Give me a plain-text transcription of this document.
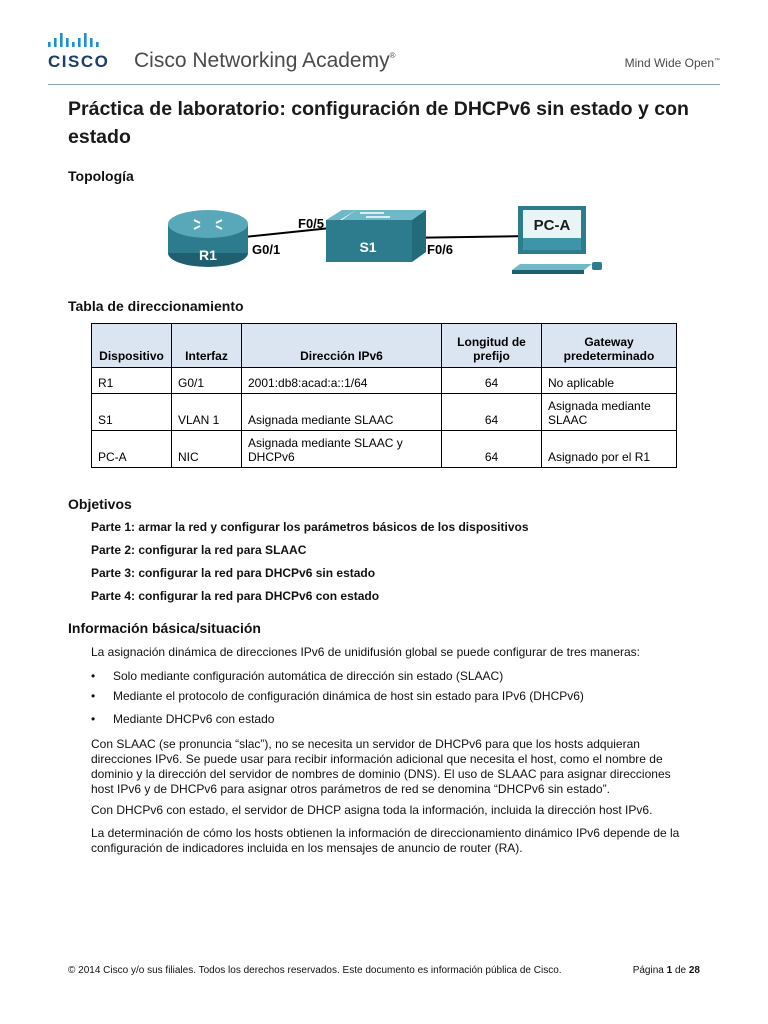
CISCO Cisco Networking Academy®
Mind Wide Open™
Práctica de laboratorio: configuración de DHCPv6 sin estado y con estado
Topología
R1
F0/5
G0/1	S1	F0/6
PC-A
Tabla de direccionamiento
Dispositivo	Interfaz	Dirección IPv6	Longitud de prefijo	Gateway predeterminado
R1	G0/1	2001:db8:acad:a::1/64	64	No aplicable
S1	VLAN 1	Asignada mediante SLAAC	64	Asignada mediante SLAAC
PC-A	NIC	Asignada mediante SLAAC y DHCPv6	64	Asignado por el R1
Objetivos
Parte 1: armar la red y configurar los parámetros básicos de los dispositivos
Parte 2: configurar la red para SLAAC
Parte 3: configurar la red para DHCPv6 sin estado
Parte 4: configurar la red para DHCPv6 con estado
Información básica/situación

La asignación dinámica de direcciones IPv6 de unidifusión global se puede configurar de tres maneras:

• Solo mediante configuración automática de dirección sin estado (SLAAC)
• Mediante el protocolo de configuración dinámica de host sin estado para IPv6 (DHCPv6)
• Mediante DHCPv6 con estado

Con SLAAC (se pronuncia “slac”), no se necesita un servidor de DHCPv6 para que los hosts adquieran direcciones IPv6. Se puede usar para recibir información adicional que necesita el host, como el nombre de dominio y la dirección del servidor de nombres de dominio (DNS). El uso de SLAAC para asignar direcciones host IPv6 y de DHCPv6 para asignar otros parámetros de red se denomina “DHCPv6 sin estado”.

Con DHCPv6 con estado, el servidor de DHCP asigna toda la información, incluida la dirección host IPv6.

La determinación de cómo los hosts obtienen la información de direccionamiento dinámico IPv6 depende de la configuración de indicadores incluida en los mensajes de anuncio de router (RA).

© 2014 Cisco y/o sus filiales. Todos los derechos reservados. Este documento es información pública de Cisco.	Página 1 de 28
